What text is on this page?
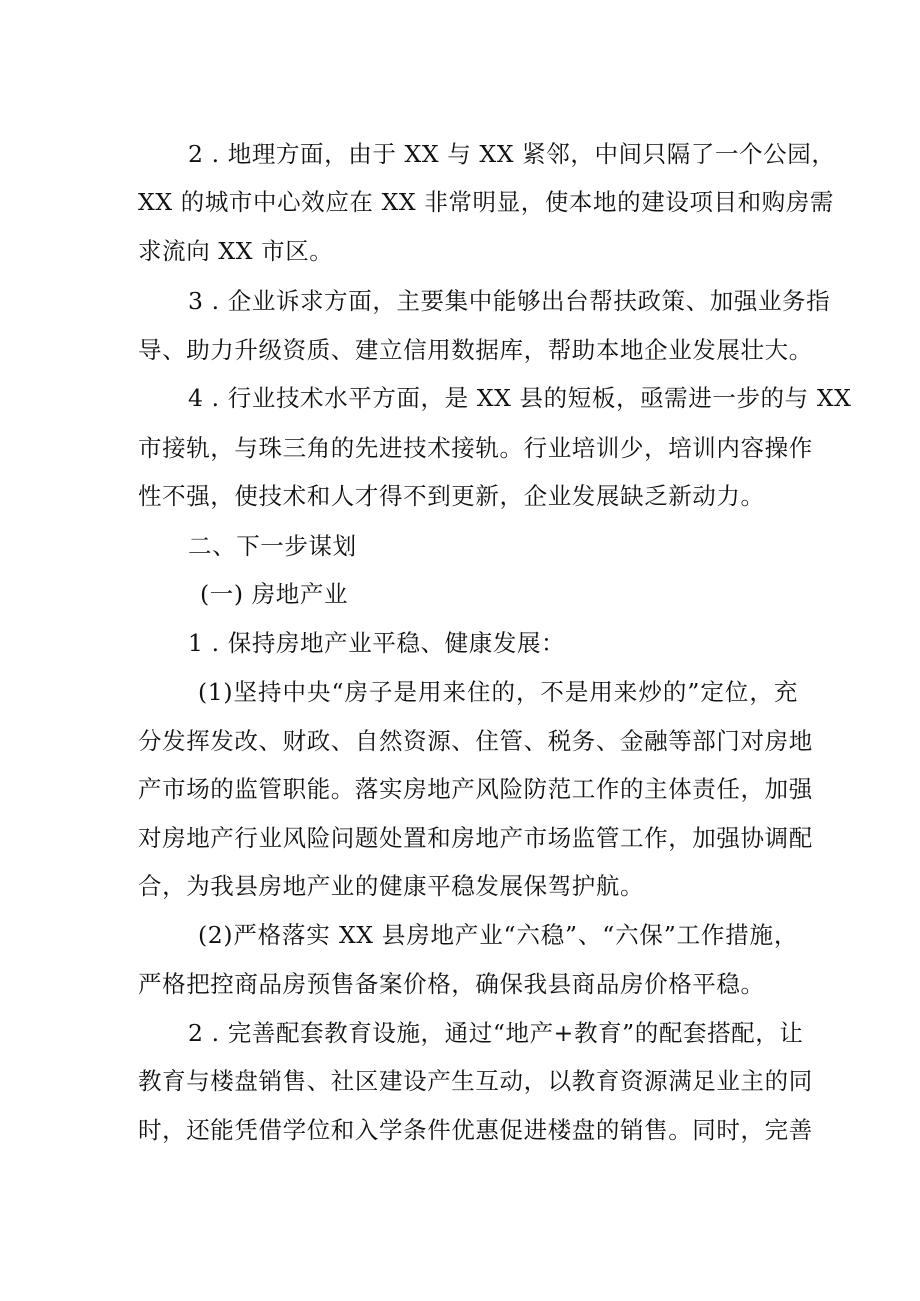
2 . 地理方面，由于 XX 与 XX 紧邻，中间只隔了一个公园，
XX 的城市中心效应在 XX 非常明显，使本地的建设项目和购房需
求流向 XX 市区。
3 . 企业诉求方面，主要集中能够出台帮扶政策、加强业务指
导、助力升级资质、建立信用数据库，帮助本地企业发展壮大。
4 . 行业技术水平方面，是 XX 县的短板，亟需进一步的与 XX
市接轨，与珠三角的先进技术接轨。行业培训少，培训内容操作
性不强，使技术和人才得不到更新，企业发展缺乏新动力。
二、下一步谋划
(一) 房地产业
1 . 保持房地产业平稳、健康发展：
(1)坚持中央“房子是用来住的，不是用来炒的”定位，充
分发挥发改、财政、自然资源、住管、税务、金融等部门对房地
产市场的监管职能。落实房地产风险防范工作的主体责任，加强
对房地产行业风险问题处置和房地产市场监管工作，加强协调配
合，为我县房地产业的健康平稳发展保驾护航。
(2)严格落实 XX 县房地产业“六稳”、“六保”工作措施，
严格把控商品房预售备案价格，确保我县商品房价格平稳。
2 . 完善配套教育设施，通过“地产+教育”的配套搭配，让
教育与楼盘销售、社区建设产生互动，以教育资源满足业主的同
时，还能凭借学位和入学条件优惠促进楼盘的销售。同时，完善
